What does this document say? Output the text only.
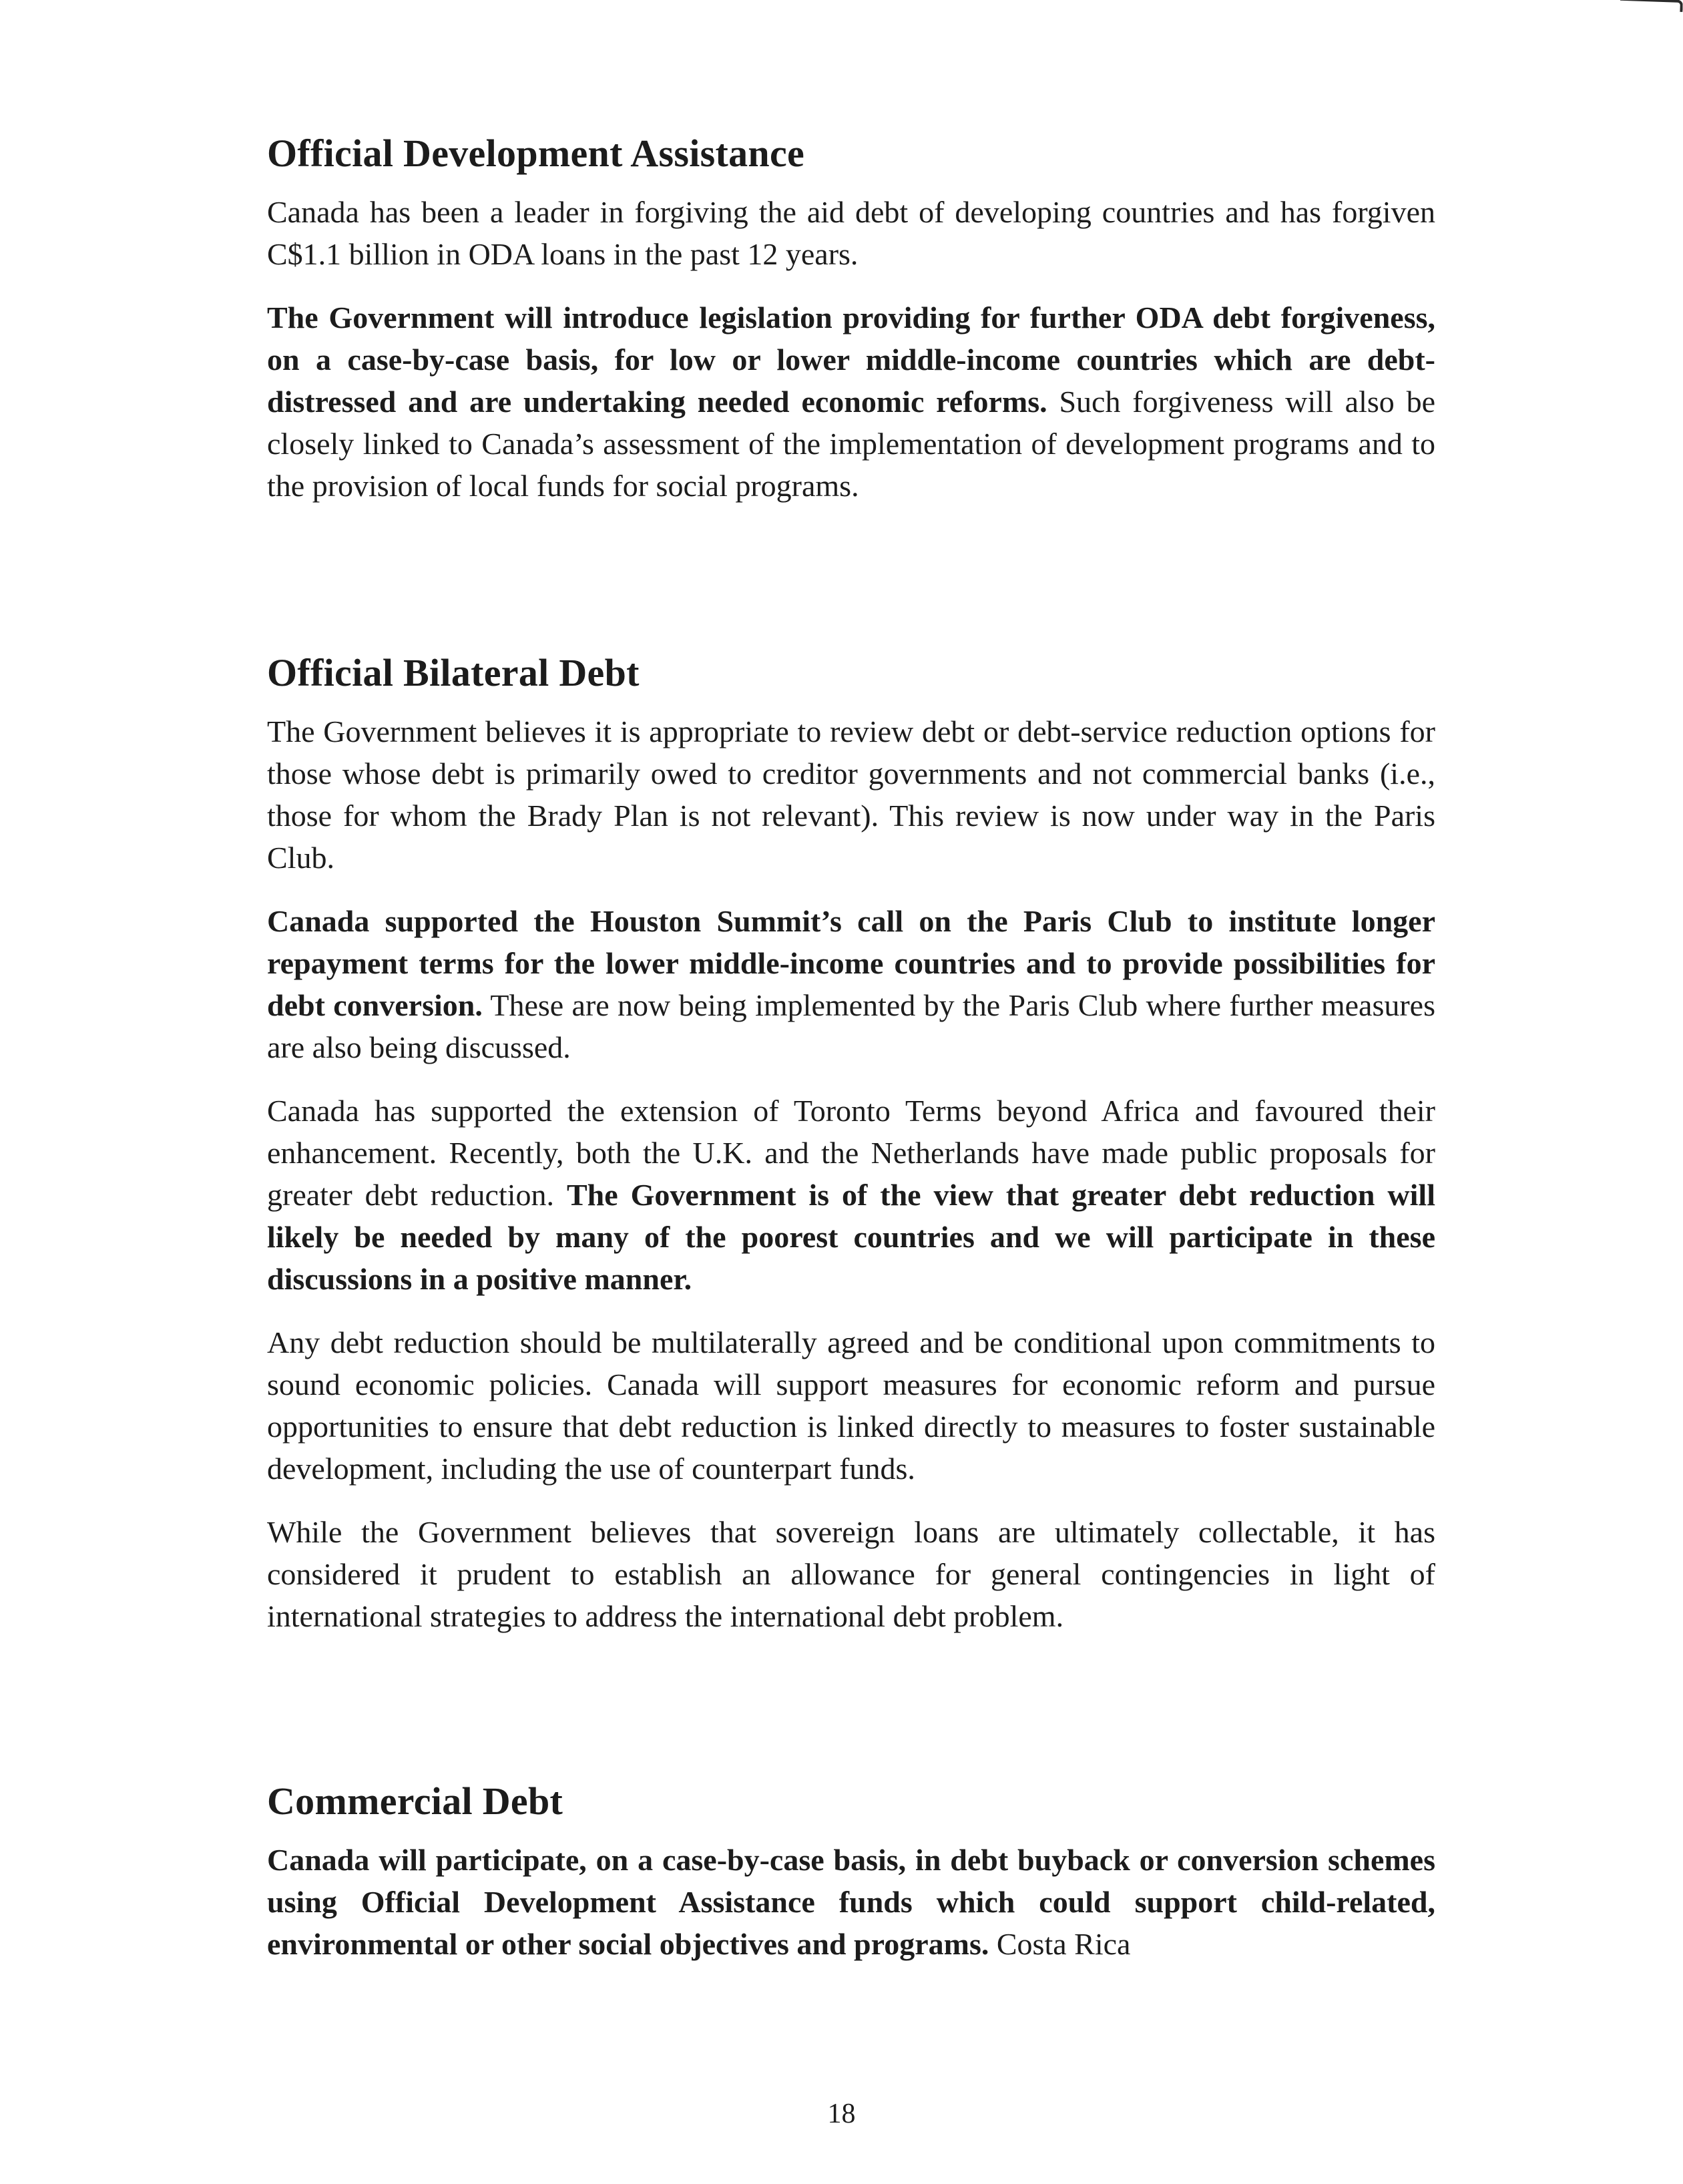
Official Development Assistance

Canada has been a leader in forgiving the aid debt of developing countries and has forgiven C$1.1 billion in ODA loans in the past 12 years.

The Government will introduce legislation providing for further ODA debt forgiveness, on a case-by-case basis, for low or lower middle-income countries which are debt-distressed and are undertaking needed economic reforms. Such forgiveness will also be closely linked to Canada’s assessment of the implementation of development programs and to the provision of local funds for social programs.

Official Bilateral Debt

The Government believes it is appropriate to review debt or debt-service reduction options for those whose debt is primarily owed to creditor governments and not commercial banks (i.e., those for whom the Brady Plan is not relevant). This review is now under way in the Paris Club.

Canada supported the Houston Summit’s call on the Paris Club to institute longer repayment terms for the lower middle-income countries and to provide possibilities for debt conversion. These are now being implemented by the Paris Club where further measures are also being discussed.

Canada has supported the extension of Toronto Terms beyond Africa and favoured their enhancement. Recently, both the U.K. and the Netherlands have made public proposals for greater debt reduction. The Government is of the view that greater debt reduction will likely be needed by many of the poorest countries and we will participate in these discussions in a positive manner.

Any debt reduction should be multilaterally agreed and be conditional upon commitments to sound economic policies. Canada will support measures for economic reform and pursue opportunities to ensure that debt reduction is linked directly to measures to foster sustainable development, including the use of counterpart funds.

While the Government believes that sovereign loans are ultimately collectable, it has considered it prudent to establish an allowance for general contingencies in light of international strategies to address the international debt problem.

Commercial Debt

Canada will participate, on a case-by-case basis, in debt buyback or conversion schemes using Official Development Assistance funds which could support child-related, environmental or other social objectives and programs. Costa Rica

18
